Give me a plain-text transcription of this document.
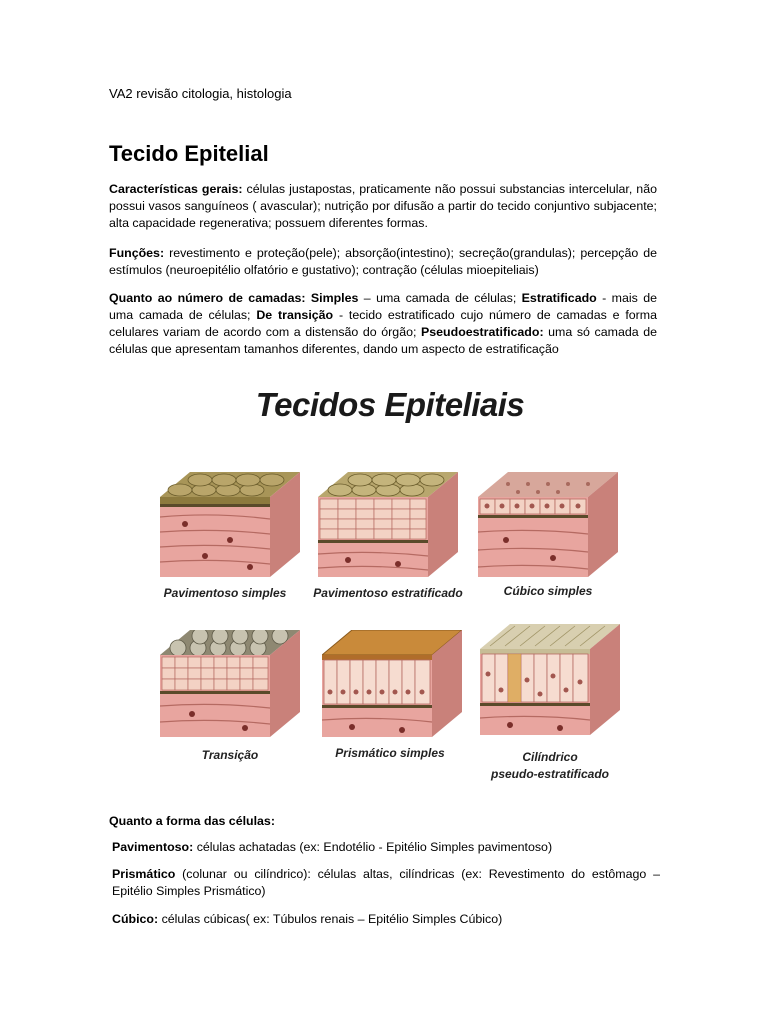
VA2 revisão citologia, histologia
Tecido Epitelial

Características gerais: células justapostas, praticamente não possui substancias intercelular, não possui vasos sanguíneos ( avascular); nutrição por difusão a partir do tecido conjuntivo subjacente; alta capacidade regenerativa; possuem diferentes formas.

Funções: revestimento e proteção(pele); absorção(intestino); secreção(grandulas); percepção de estímulos (neuroepitélio olfatório e gustativo); contração (células mioepiteliais)

Quanto ao número de camadas: Simples – uma camada de células; Estratificado - mais de uma camada de células; De transição - tecido estratificado cujo número de camadas e forma celulares variam de acordo com a distensão do órgão; Pseudoestratificado: uma só camada de células que apresentam tamanhos diferentes, dando um aspecto de estratificação

Tecidos Epiteliais
Pavimentoso simples	Pavimentoso estratificado	Cúbico simples
Transição	Prismático simples	Cilíndrico
pseudo-estratificado

Quanto a forma das células:

Pavimentoso: células achatadas (ex: Endotélio - Epitélio Simples pavimentoso)

Prismático (colunar ou cilíndrico): células altas, cilíndricas (ex: Revestimento do estômago – Epitélio Simples Prismático)

Cúbico: células cúbicas( ex: Túbulos renais – Epitélio Simples Cúbico)
